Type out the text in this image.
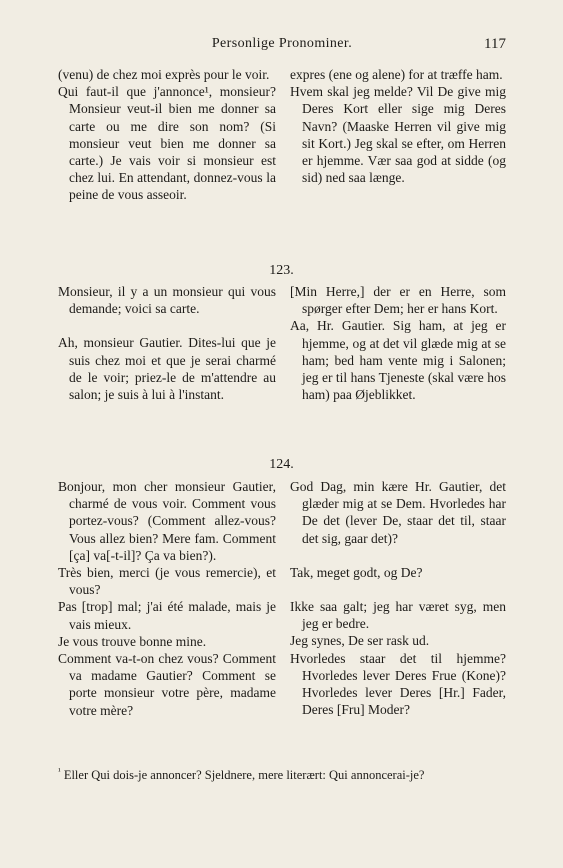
Personlige Pronominer.	117

(venu) de chez moi exprès pour le voir.

Qui faut-il que j'annonce¹, monsieur? Monsieur veut-il bien me donner sa carte ou me dire son nom? (Si monsieur veut bien me donner sa carte.) Je vais voir si monsieur est chez lui. En attendant, donnez-vous la peine de vous asseoir.

expres (ene og alene) for at træffe ham.

Hvem skal jeg melde? Vil De give mig Deres Kort eller sige mig Deres Navn? (Maaske Herren vil give mig sit Kort.) Jeg skal se efter, om Herren er hjemme. Vær saa god at sidde (og sid) ned saa længe.

123.

Monsieur, il y a un monsieur qui vous demande; voici sa carte.

Ah, monsieur Gautier. Dites-lui que je suis chez moi et que je serai charmé de le voir; priez-le de m'attendre au salon; je suis à lui à l'instant.

[Min Herre,] der er en Herre, som spørger efter Dem; her er hans Kort.

Aa, Hr. Gautier. Sig ham, at jeg er hjemme, og at det vil glæde mig at se ham; bed ham vente mig i Salonen; jeg er til hans Tjeneste (skal være hos ham) paa Øjeblikket.

124.

Bonjour, mon cher monsieur Gautier, charmé de vous voir. Comment vous portez-vous? (Comment allez-vous? Vous allez bien? Mere fam. Comment [ça] va[-t-il]? Ça va bien?).

Très bien, merci (je vous remercie), et vous?

Pas [trop] mal; j'ai été malade, mais je vais mieux.

Je vous trouve bonne mine.

Comment va-t-on chez vous? Comment va madame Gautier? Comment se porte monsieur votre père, madame votre mère?

God Dag, min kære Hr. Gautier, det glæder mig at se Dem. Hvorledes har De det (lever De, staar det til, staar det sig, gaar det)?

Tak, meget godt, og De?

Ikke saa galt; jeg har været syg, men jeg er bedre.

Jeg synes, De ser rask ud.

Hvorledes staar det til hjemme? Hvorledes lever Deres Frue (Kone)? Hvorledes lever Deres [Hr.] Fader, Deres [Fru] Moder?

$^{^1}$ Eller Qui dois-je annoncer? Sjeldnere, mere literært: Qui annoncerai-je?
